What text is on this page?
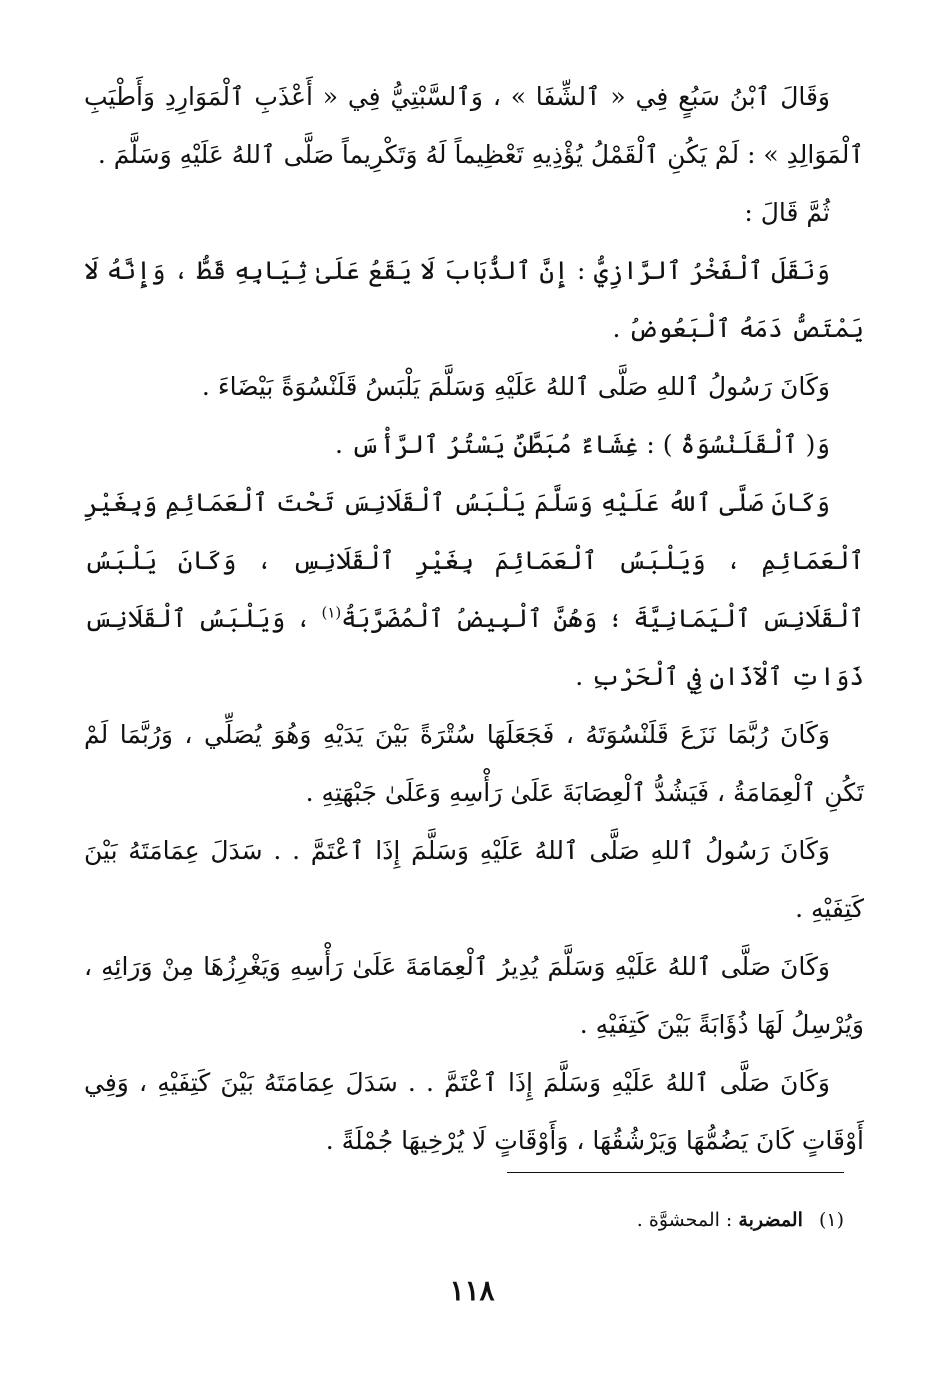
وَقَالَ ٱبْنُ سَبُعٍ فِي « ٱلشِّفَا » ، وَٱلسَّبْتِيُّ فِي « أَعْذَبِ ٱلْمَوَارِدِ وَأَطْيَبِ ٱلْمَوَالِدِ » : لَمْ يَكُنِ ٱلْقَمْلُ يُؤْذِيهِ تَعْظِيماً لَهُ وَتَكْرِيماً صَلَّى ٱللهُ عَلَيْهِ وَسَلَّمَ .

ثُمَّ قَالَ :

وَنَقَلَ ٱلْفَخْرُ ٱلرَّازِيُّ : إِنَّ ٱلذُّبَابَ لَا يَقَعُ عَلَىٰ ثِيَابِهِ قَطُّ ، وَإِنَّهُ لَا يَمْتَصُّ دَمَهُ ٱلْبَعُوضُ .

وَكَانَ رَسُولُ ٱللهِ صَلَّى ٱللهُ عَلَيْهِ وَسَلَّمَ يَلْبَسُ قَلَنْسُوَةً بَيْضَاءَ .

وَ( ٱلْقَلَنْسُوَةُ ) : غِشَاءٌ مُبَطَّنٌ يَسْتُرُ ٱلرَّأْسَ .

وَكَانَ صَلَّى ٱللهُ عَلَيْهِ وَسَلَّمَ يَلْبَسُ ٱلْقَلَانِسَ تَحْتَ ٱلْعَمَائِمِ وَبِغَيْرِ ٱلْعَمَائِمِ ، وَيَلْبَسُ ٱلْعَمَائِمَ بِغَيْرِ ٱلْقَلَانِسِ ، وَكَانَ يَلْبَسُ ٱلْقَلَانِسَ ٱلْيَمَانِيَّةَ ؛ وَهُنَّ ٱلْبِيضُ ٱلْمُضَرَّبَةُ$^{(١)}$ ، وَيَلْبَسُ ٱلْقَلَانِسَ ذَوَاتِ ٱلْآذَانِ فِي ٱلْحَرْبِ .

وَكَانَ رُبَّمَا نَزَعَ قَلَنْسُوَتَهُ ، فَجَعَلَهَا سُتْرَةً بَيْنَ يَدَيْهِ وَهُوَ يُصَلِّي ، وَرُبَّمَا لَمْ تَكُنِ ٱلْعِمَامَةُ ، فَيَشُدُّ ٱلْعِصَابَةَ عَلَىٰ رَأْسِهِ وَعَلَىٰ جَبْهَتِهِ .

وَكَانَ رَسُولُ ٱللهِ صَلَّى ٱللهُ عَلَيْهِ وَسَلَّمَ إِذَا ٱعْتَمَّ . . سَدَلَ عِمَامَتَهُ بَيْنَ كَتِفَيْهِ .

وَكَانَ صَلَّى ٱللهُ عَلَيْهِ وَسَلَّمَ يُدِيرُ ٱلْعِمَامَةَ عَلَىٰ رَأْسِهِ وَيَغْرِزُهَا مِنْ وَرَائِهِ ، وَيُرْسِلُ لَهَا ذُؤَابَةً بَيْنَ كَتِفَيْهِ .

وَكَانَ صَلَّى ٱللهُ عَلَيْهِ وَسَلَّمَ إِذَا ٱعْتَمَّ . . سَدَلَ عِمَامَتَهُ بَيْنَ كَتِفَيْهِ ، وَفِي أَوْقَاتٍ كَانَ يَضُمُّهَا وَيَرْشُقُهَا ، وَأَوْقَاتٍ لَا يُرْخِيهَا جُمْلَةً .

(١) المضربة : المحشوَّة .
١١٨
